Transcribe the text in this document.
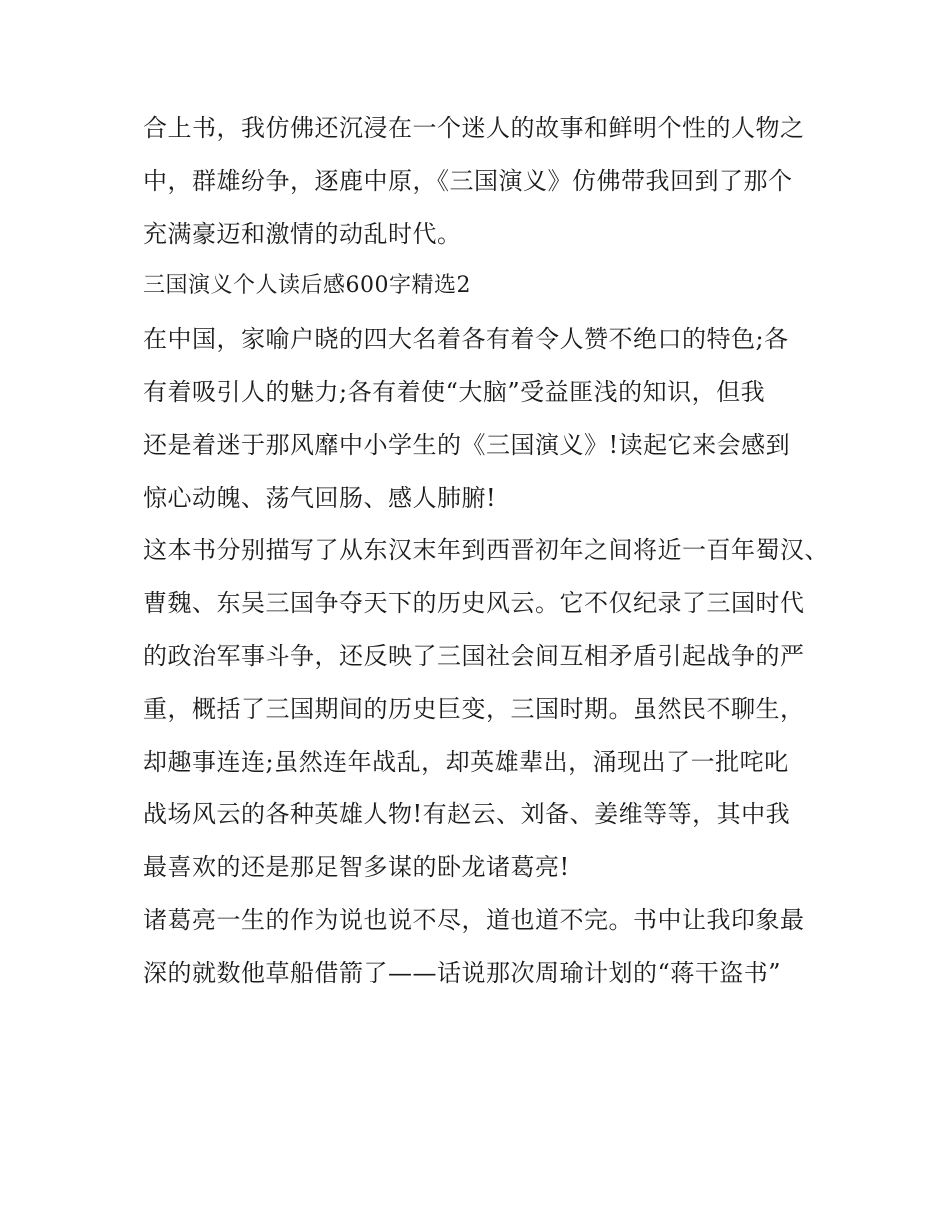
合上书，我仿佛还沉浸在一个迷人的故事和鲜明个性的人物之
中，群雄纷争，逐鹿中原，《三国演义》仿佛带我回到了那个
充满豪迈和激情的动乱时代。
三国演义个人读后感600字精选2
在中国，家喻户晓的四大名着各有着令人赞不绝口的特色;各
有着吸引人的魅力;各有着使“大脑”受益匪浅的知识，但我
还是着迷于那风靡中小学生的《三国演义》!读起它来会感到
惊心动魄、荡气回肠、感人肺腑!
这本书分别描写了从东汉末年到西晋初年之间将近一百年蜀汉、
曹魏、东吴三国争夺天下的历史风云。它不仅纪录了三国时代
的政治军事斗争，还反映了三国社会间互相矛盾引起战争的严
重，概括了三国期间的历史巨变，三国时期。虽然民不聊生，
却趣事连连;虽然连年战乱，却英雄辈出，涌现出了一批咤叱
战场风云的各种英雄人物!有赵云、刘备、姜维等等，其中我
最喜欢的还是那足智多谋的卧龙诸葛亮!
诸葛亮一生的作为说也说不尽，道也道不完。书中让我印象最
深的就数他草船借箭了——话说那次周瑜计划的“蒋干盗书”
